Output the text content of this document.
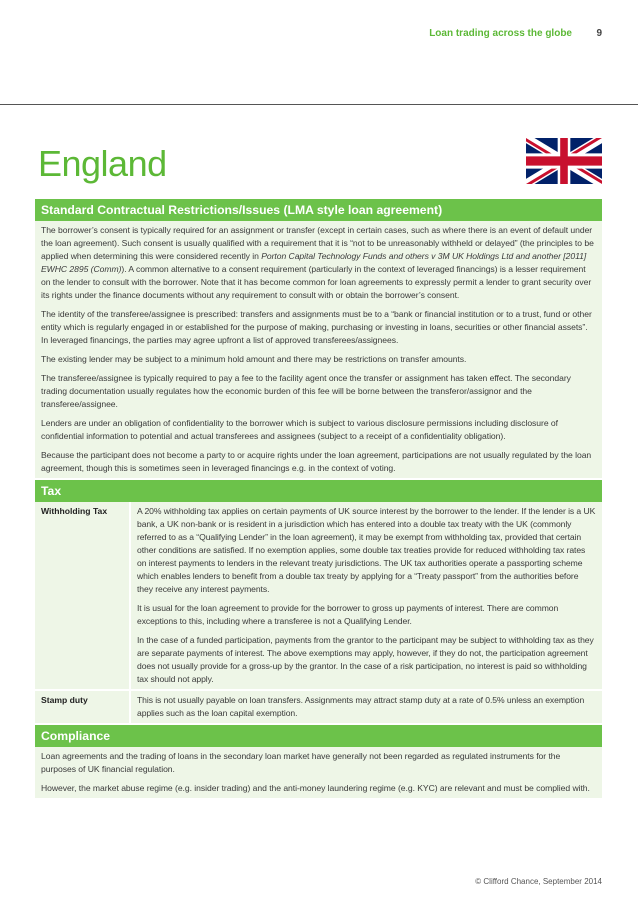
Loan trading across the globe	9
England
Standard Contractual Restrictions/Issues (LMA style loan agreement)

The borrower’s consent is typically required for an assignment or transfer (except in certain cases, such as where there is an event of default under the loan agreement). Such consent is usually qualified with a requirement that it is “not to be unreasonably withheld or delayed” (the principles to be applied when determining this were considered recently in Porton Capital Technology Funds and others v 3M UK Holdings Ltd and another [2011] EWHC 2895 (Comm)). A common alternative to a consent requirement (particularly in the context of leveraged financings) is a lesser requirement on the lender to consult with the borrower. Note that it has become common for loan agreements to expressly permit a lender to grant security over its rights under the finance documents without any requirement to consult with or obtain the borrower’s consent.

The identity of the transferee/assignee is prescribed: transfers and assignments must be to a “bank or financial institution or to a trust, fund or other entity which is regularly engaged in or established for the purpose of making, purchasing or investing in loans, securities or other financial assets”. In leveraged financings, the parties may agree upfront a list of approved transferees/assignees.

The existing lender may be subject to a minimum hold amount and there may be restrictions on transfer amounts.

The transferee/assignee is typically required to pay a fee to the facility agent once the transfer or assignment has taken effect. The secondary trading documentation usually regulates how the economic burden of this fee will be borne between the transferor/assignor and the transferee/assignee.

Lenders are under an obligation of confidentiality to the borrower which is subject to various disclosure permissions including disclosure of confidential information to potential and actual transferees and assignees (subject to a receipt of a confidentiality obligation).

Because the participant does not become a party to or acquire rights under the loan agreement, participations are not usually regulated by the loan agreement, though this is sometimes seen in leveraged financings e.g. in the context of voting.

Tax
Withholding Tax	A 20% withholding tax applies on certain payments of UK source interest by the borrower to the lender. If the lender is a UK bank, a UK non-bank or is resident in a jurisdiction which has entered into a double tax treaty with the UK (commonly referred to as a “Qualifying Lender” in the loan agreement), it may be exempt from withholding tax, provided that certain other conditions are satisfied. If no exemption applies, some double tax treaties provide for reduced withholding tax rates on interest payments to lenders in the relevant treaty jurisdictions. The UK tax authorities operate a passporting scheme which enables lenders to benefit from a double tax treaty by applying for a “Treaty passport” from the authorities before they receive any interest payments.

It is usual for the loan agreement to provide for the borrower to gross up payments of interest. There are common exceptions to this, including where a transferee is not a Qualifying Lender.

In the case of a funded participation, payments from the grantor to the participant may be subject to withholding tax as they are separate payments of interest. The above exemptions may apply, however, if they do not, the participation agreement does not usually provide for a gross-up by the grantor. In the case of a risk participation, no interest is paid so withholding tax should not apply.

Stamp duty	This is not usually payable on loan transfers. Assignments may attract stamp duty at a rate of 0.5% unless an exemption applies such as the loan capital exemption.

Compliance

Loan agreements and the trading of loans in the secondary loan market have generally not been regarded as regulated instruments for the purposes of UK financial regulation.

However, the market abuse regime (e.g. insider trading) and the anti-money laundering regime (e.g. KYC) are relevant and must be complied with.

© Clifford Chance, September 2014
